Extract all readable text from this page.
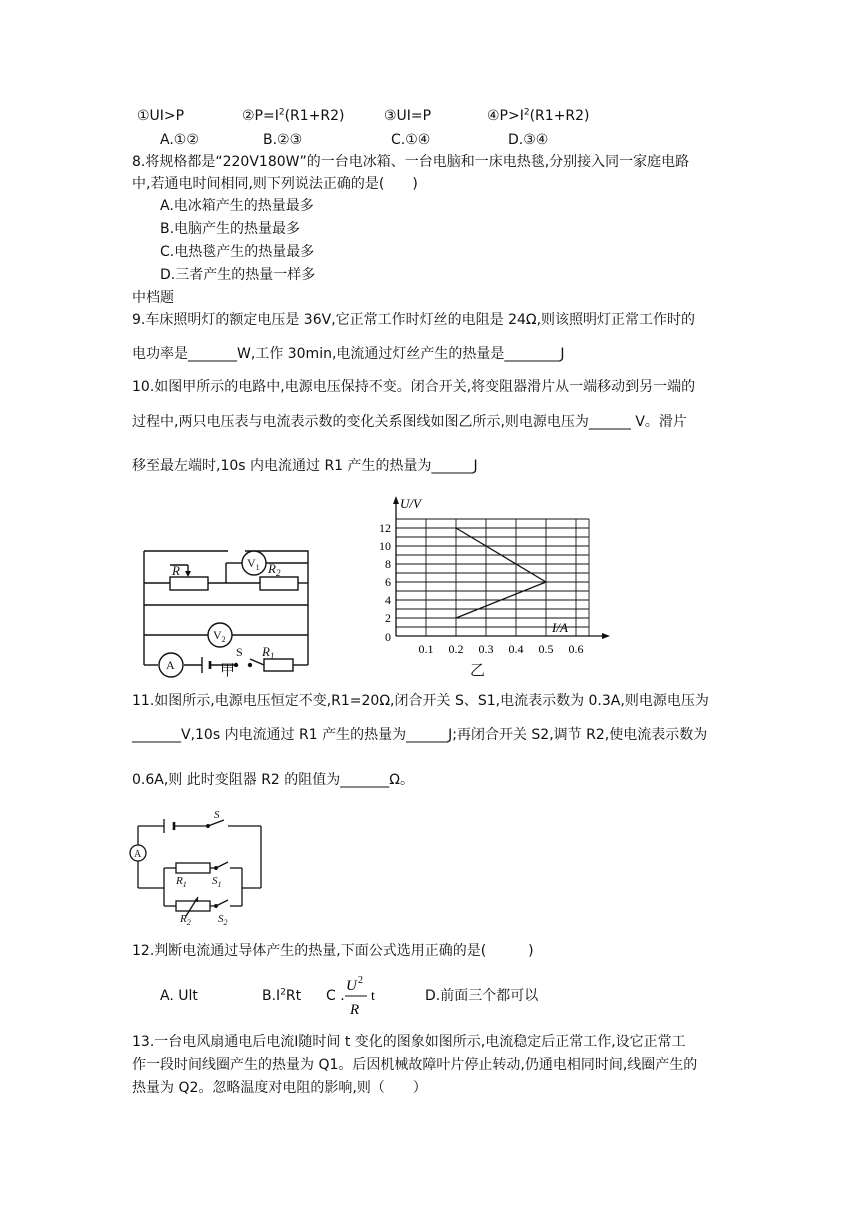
①UI>P	$②P=I^2(R1+R2)$	③UI=P	$④P>I^2(R1+R2)$
A.①②	B.②③	C.①④	D.③④
8.将规格都是“220V180W”的一台电冰箱、一台电脑和一床电热毯,分别接入同一家庭电路
中,若通电时间相同,则下列说法正确的是(　　)
A.电冰箱产生的热量最多
B.电脑产生的热量最多
C.电热毯产生的热量最多
D.三者产生的热量一样多
中档题
9.车床照明灯的额定电压是 36V,它正常工作时灯丝的电阻是 24Ω,则该照明灯正常工作时的
电功率是_______W,工作 30min,电流通过灯丝产生的热量是________J
10.如图甲所示的电路中,电源电压保持不变。闭合开关,将变阻器滑片从一端移动到另一端的
过程中,两只电压表与电流表示数的变化关系图线如图乙所示,则电源电压为______ V。滑片
移至最左端时,10s 内电流通过 R1 产生的热量为______J
R	$R_2$
$R_1$
$V_1$
$V_2$
A
S
甲
U/V
I/A
2
4
6
8
10
12
0
0.1 0.2 0.3 0.4 0.5 0.6
乙
11.如图所示,电源电压恒定不变,R1=20Ω,闭合开关 S、S1,电流表示数为 0.3A,则电源电压为
_______V,10s 内电流通过 R1 产生的热量为______J;再闭合开关 S2,调节 R2,使电流表示数为
0.6A,则 此时变阻器 R2 的阻值为_______Ω。
S
A
$R_1$ $S_1$
$R_2$ $S_2$
12.判断电流通过导体产生的热量,下面公式选用正确的是(　　　)
A. Ult	$B.I^2Rt$ C .
U 2
R
t	D.前面三个都可以
13.一台电风扇通电后电流Ⅰ随时间 t 变化的图象如图所示,电流稳定后正常工作,设它正常工
作一段时间线圈产生的热量为 Q1。后因机械故障叶片停止转动,仍通电相同时间,线圈产生的
热量为 Q2。忽略温度对电阻的影响,则（　　）
